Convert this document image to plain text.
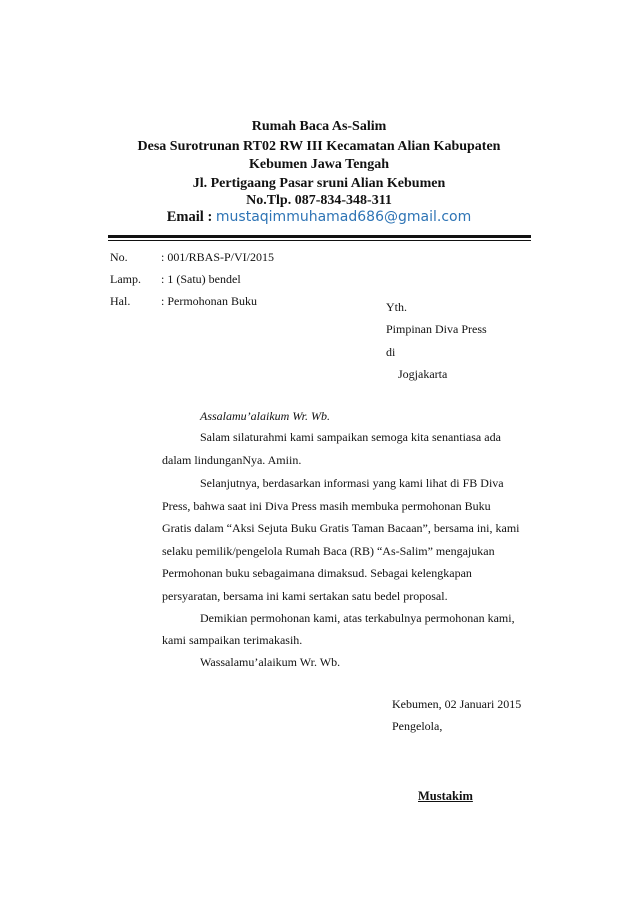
Rumah Baca As-Salim
Desa Surotrunan RT02 RW III Kecamatan Alian Kabupaten
Kebumen Jawa Tengah
Jl. Pertigaang Pasar sruni Alian Kebumen
No.Tlp. 087-834-348-311
Email : mustaqimmuhamad686@gmail.com
No.	: 001/RBAS-P/VI/2015
Lamp. : 1 (Satu) bendel
Hal.	: Permohonan Buku	Yth.
Pimpinan Diva Press
di
Jogjakarta
Assalamu’alaikum Wr. Wb.
Salam silaturahmi kami sampaikan semoga kita senantiasa ada
dalam lindunganNya. Amiin.
Selanjutnya, berdasarkan informasi yang kami lihat di FB Diva
Press, bahwa saat ini Diva Press masih membuka permohonan Buku
Gratis dalam “Aksi Sejuta Buku Gratis Taman Bacaan”, bersama ini, kami
selaku pemilik/pengelola Rumah Baca (RB) “As-Salim” mengajukan
Permohonan buku sebagaimana dimaksud. Sebagai kelengkapan
persyaratan, bersama ini kami sertakan satu bedel proposal.
Demikian permohonan kami, atas terkabulnya permohonan kami,
kami sampaikan terimakasih.
Wassalamu’alaikum Wr. Wb.
Kebumen, 02 Januari 2015
Pengelola,
Mustakim
